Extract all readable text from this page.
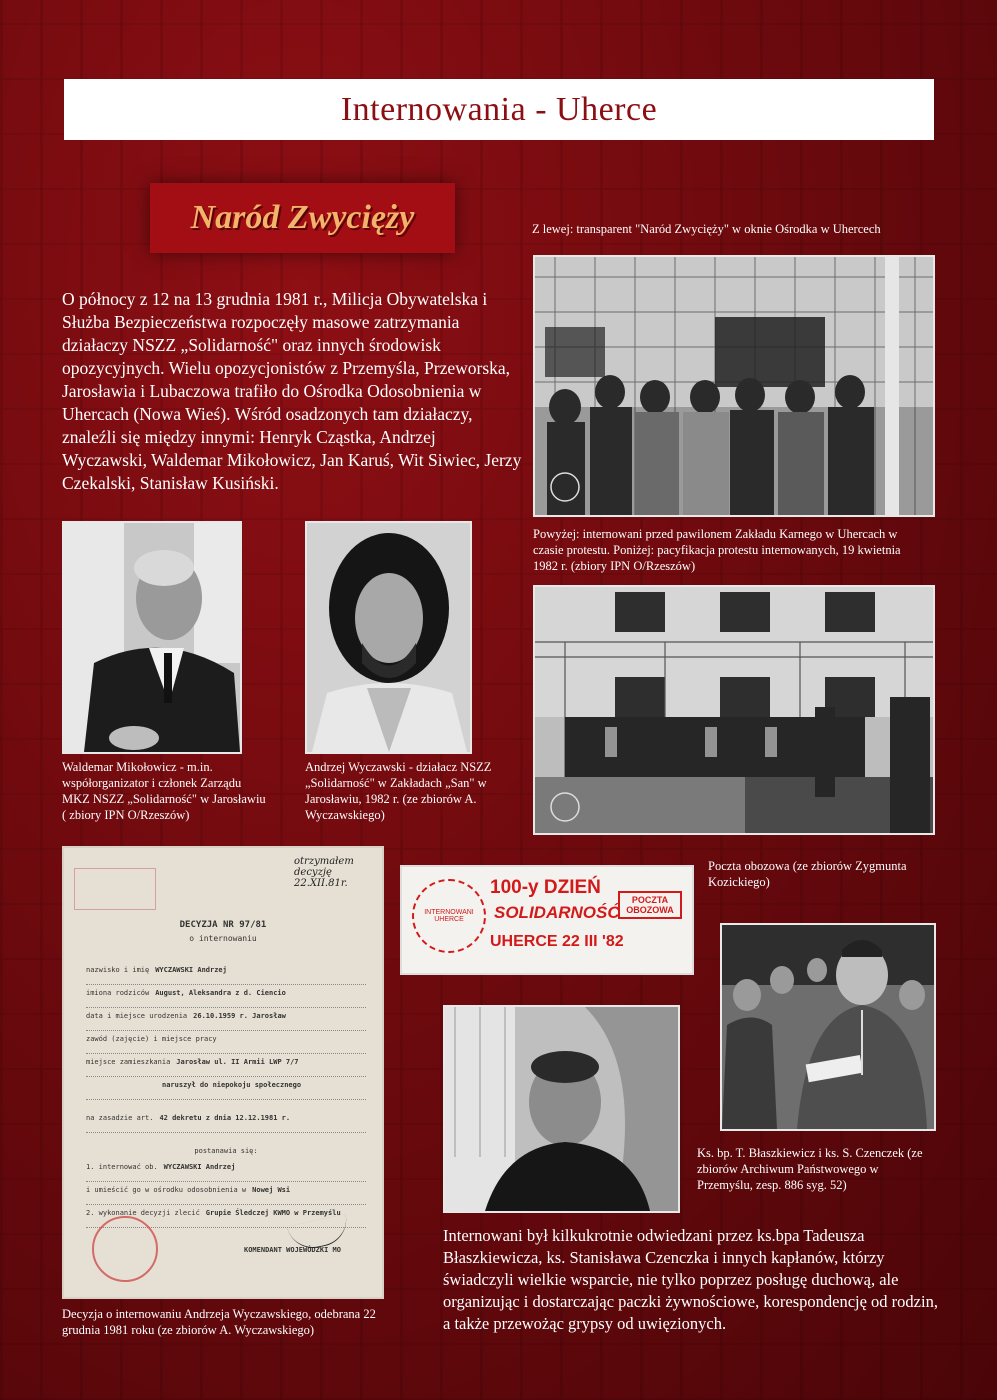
Internowania - Uherce
Naród Zwycięży
O północy z 12 na 13 grudnia 1981 r., Milicja Obywatelska i Służba Bezpieczeństwa rozpoczęły masowe zatrzymania działaczy NSZZ „Solidarność" oraz innych środowisk opozycyjnych. Wielu opozycjonistów z Przemyśla, Przeworska, Jarosławia i Lubaczowa trafiło do Ośrodka Odosobnienia w Uhercach (Nowa Wieś). Wśród osadzonych tam działaczy, znaleźli się między innymi: Henryk Cząstka, Andrzej Wyczawski, Waldemar Mikołowicz, Jan Karuś, Wit Siwiec, Jerzy Czekalski, Stanisław Kusiński.
Z lewej: transparent "Naród Zwycięży" w oknie Ośrodka w Uhercech
Powyżej: internowani przed pawilonem Zakładu Karnego w Uhercach w czasie protestu. Poniżej: pacyfikacja protestu internowanych, 19 kwietnia 1982 r. (zbiory IPN O/Rzeszów)
Waldemar Mikołowicz - m.in. współorganizator i członek Zarządu MKZ NSZZ „Solidarność" w Jarosławiu ( zbiory IPN O/Rzeszów)
Andrzej Wyczawski - działacz NSZZ „Solidarność" w Zakładach „San" w Jarosławiu, 1982 r. (ze zbiorów A. Wyczawskiego)
otrzymałem decyzję 22.XII.81r.
DECYZJA NR 97/81
o internowaniu
nazwisko i imię WYCZAWSKI Andrzej
imiona rodziców August, Aleksandra z d. Ciencio
data i miejsce urodzenia 26.10.1959 r. Jarosław
zawód (zajęcie) i miejsce pracy
miejsce zamieszkania Jarosław ul. II Armii LWP 7/7
naruszył do niepokoju społecznego
na zasadzie art. 42 dekretu z dnia 12.12.1981 r.
postanawia się:
1. internować ob. WYCZAWSKI Andrzej
i umieścić go w ośrodku odosobnienia w Nowej Wsi
2. wykonanie decyzji zlecić Grupie Śledczej KWMO w Przemyślu
KOMENDANT WOJEWÓDZKI MO
Decyzja o internowaniu Andrzeja Wyczawskiego, odebrana 22 grudnia 1981 roku (ze zbiorów A. Wyczawskiego)
INTERNOWANI UHERCE
100-y DZIEŃ
SOLIDARNOŚĆ
UHERCE 22 III '82
POCZTA OBOZOWA
Poczta obozowa (ze zbiorów Zygmunta Kozickiego)
Ks. bp. T. Błaszkiewicz i ks. S. Czenczek (ze zbiorów Archiwum Państwowego w Przemyślu, zesp. 886 syg. 52)
Internowani był kilkukrotnie odwiedzani przez ks.bpa Tadeusza Błaszkiewicza, ks. Stanisława Czenczka i innych kapłanów, którzy świadczyli wielkie wsparcie, nie tylko poprzez posługę duchową, ale organizując i dostarczając paczki żywnościowe, korespondencję od rodzin, a także przewożąc grypsy od uwięzionych.
